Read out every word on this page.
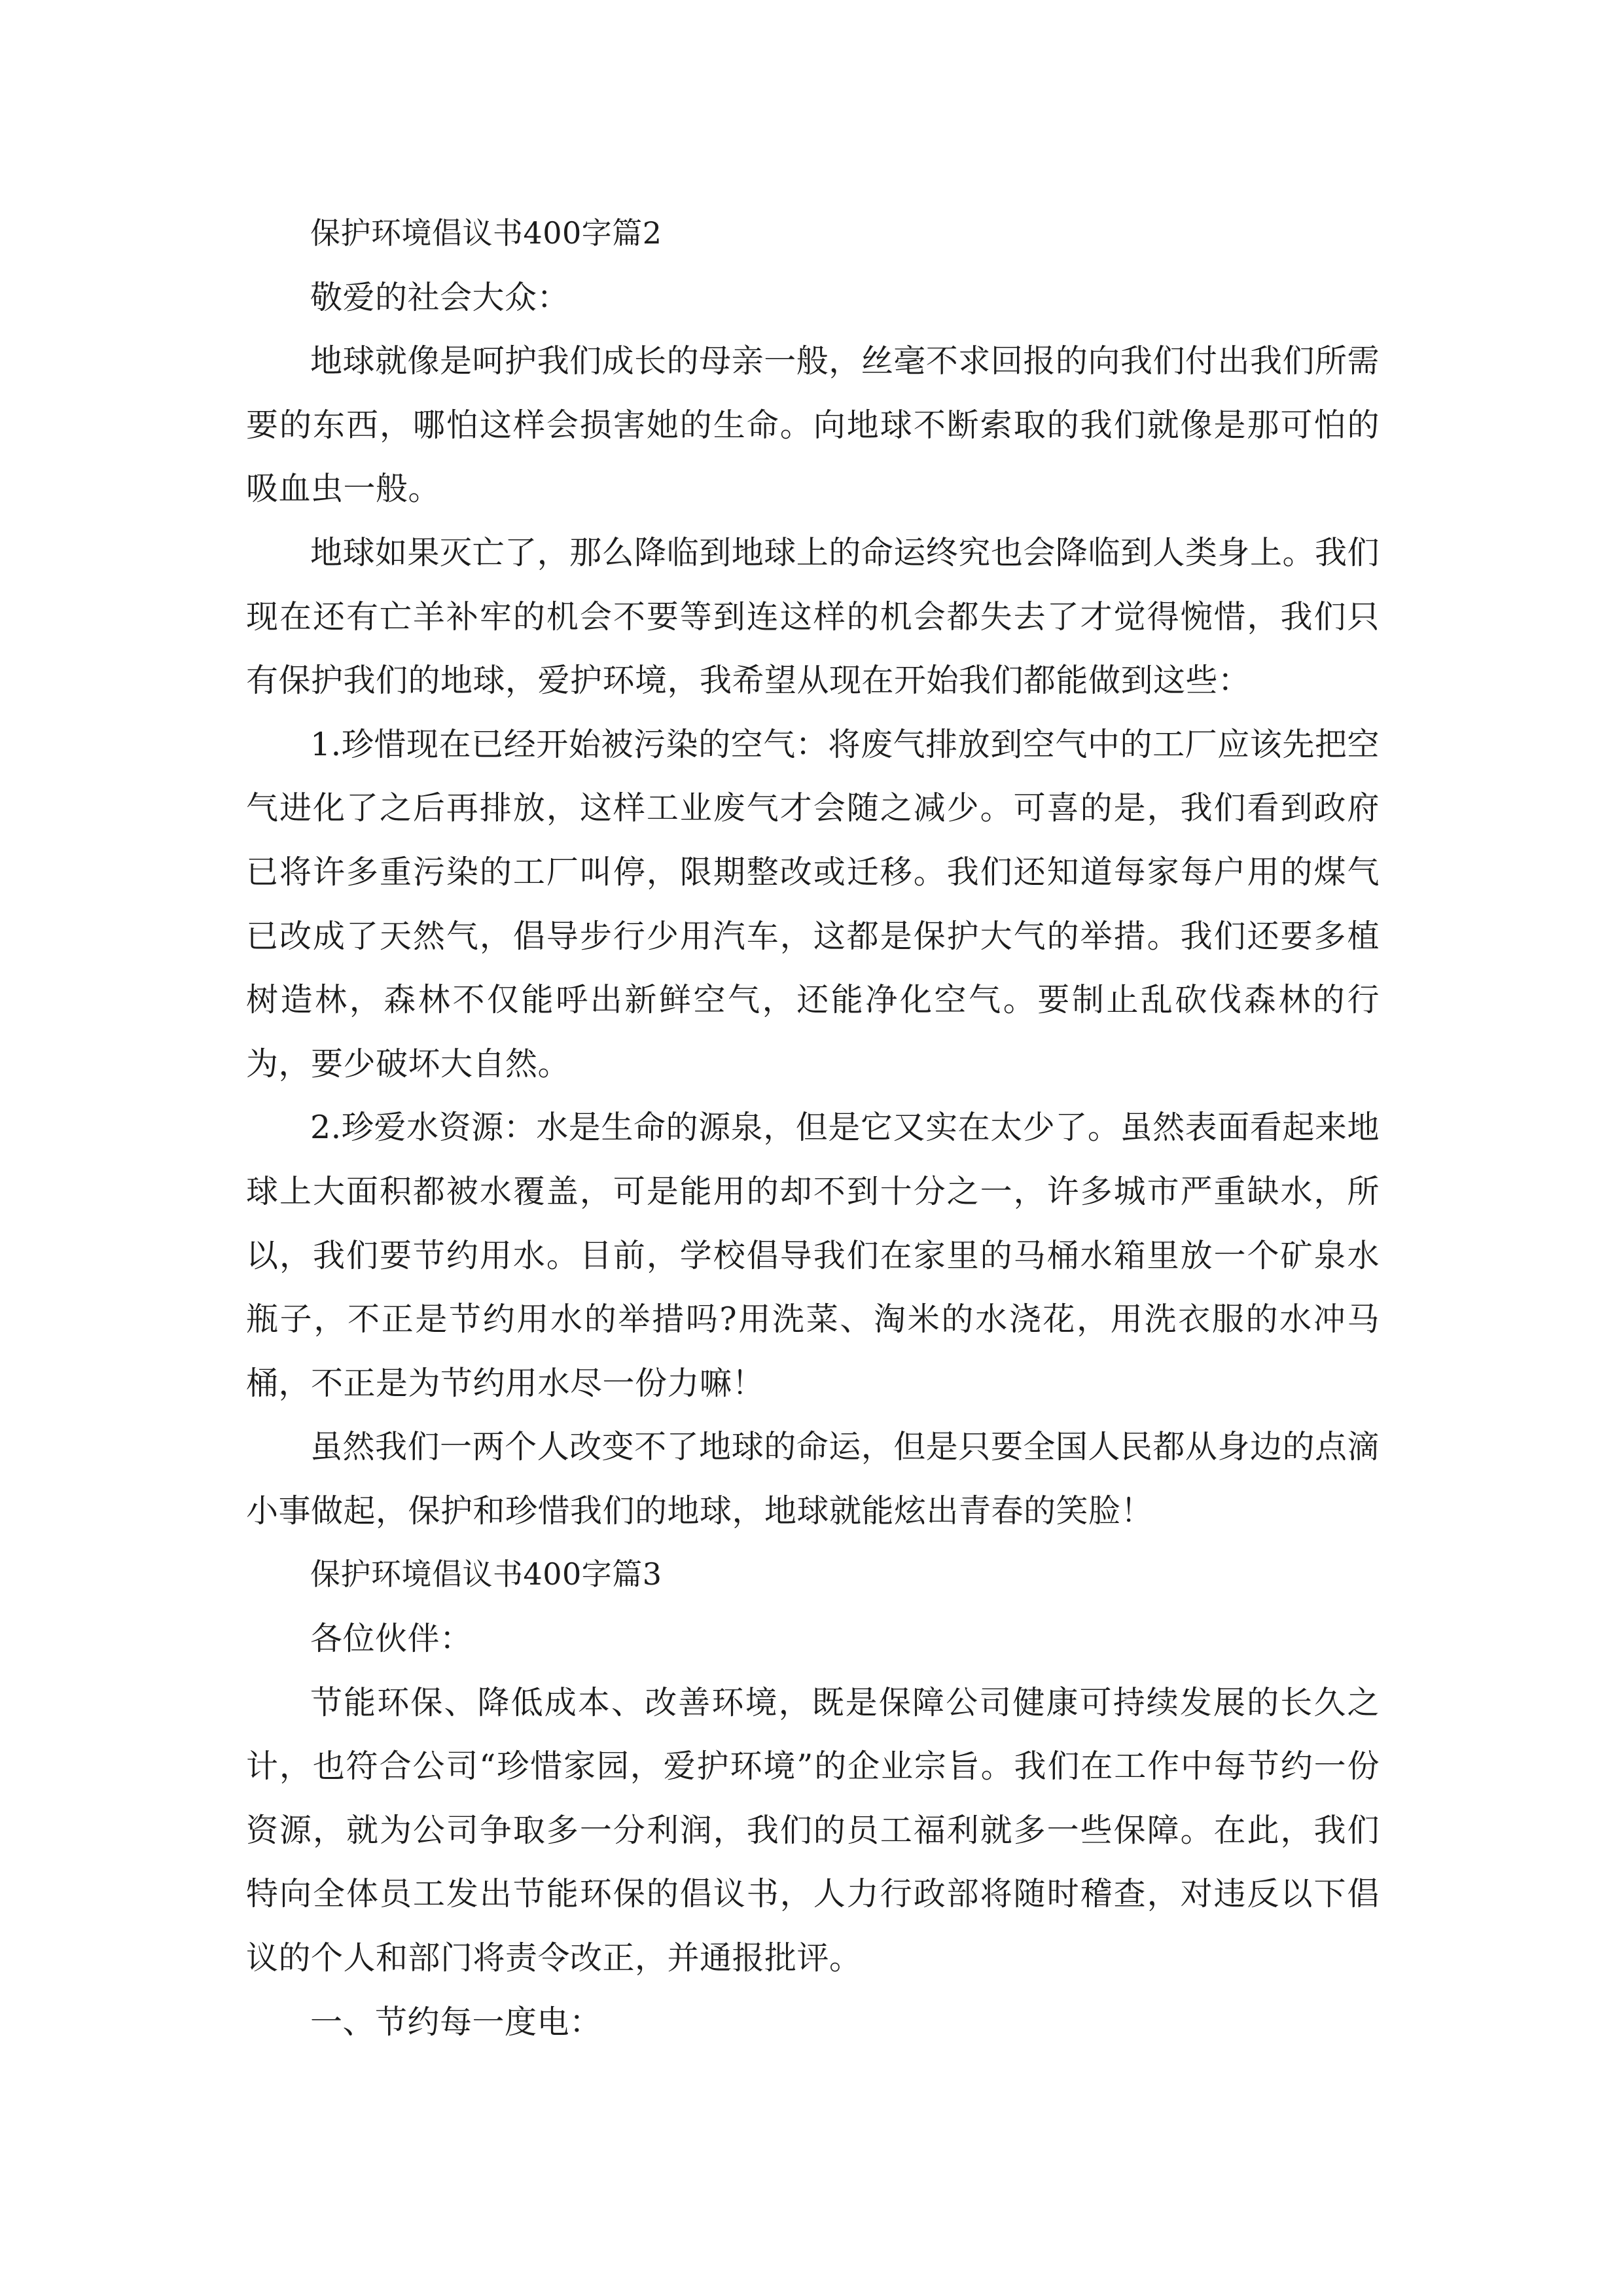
保护环境倡议书400字篇2

敬爱的社会大众：

地球就像是呵护我们成长的母亲一般，丝毫不求回报的向我们付出我们所需要的东西，哪怕这样会损害她的生命。向地球不断索取的我们就像是那可怕的吸血虫一般。

地球如果灭亡了，那么降临到地球上的命运终究也会降临到人类身上。我们现在还有亡羊补牢的机会不要等到连这样的机会都失去了才觉得惋惜，我们只有保护我们的地球，爱护环境，我希望从现在开始我们都能做到这些：

1.珍惜现在已经开始被污染的空气：将废气排放到空气中的工厂应该先把空气进化了之后再排放，这样工业废气才会随之减少。可喜的是，我们看到政府已将许多重污染的工厂叫停，限期整改或迁移。我们还知道每家每户用的煤气已改成了天然气，倡导步行少用汽车，这都是保护大气的举措。我们还要多植树造林，森林不仅能呼出新鲜空气，还能净化空气。要制止乱砍伐森林的行为，要少破坏大自然。

2.珍爱水资源：水是生命的源泉，但是它又实在太少了。虽然表面看起来地球上大面积都被水覆盖，可是能用的却不到十分之一，许多城市严重缺水，所以，我们要节约用水。目前，学校倡导我们在家里的马桶水箱里放一个矿泉水瓶子，不正是节约用水的举措吗?用洗菜、淘米的水浇花，用洗衣服的水冲马桶，不正是为节约用水尽一份力嘛！

虽然我们一两个人改变不了地球的命运，但是只要全国人民都从身边的点滴小事做起，保护和珍惜我们的地球，地球就能炫出青春的笑脸！

保护环境倡议书400字篇3

各位伙伴：

节能环保、降低成本、改善环境，既是保障公司健康可持续发展的长久之计，也符合公司“珍惜家园，爱护环境”的企业宗旨。我们在工作中每节约一份资源，就为公司争取多一分利润，我们的员工福利就多一些保障。在此，我们特向全体员工发出节能环保的倡议书，人力行政部将随时稽查，对违反以下倡议的个人和部门将责令改正，并通报批评。

一、节约每一度电：
